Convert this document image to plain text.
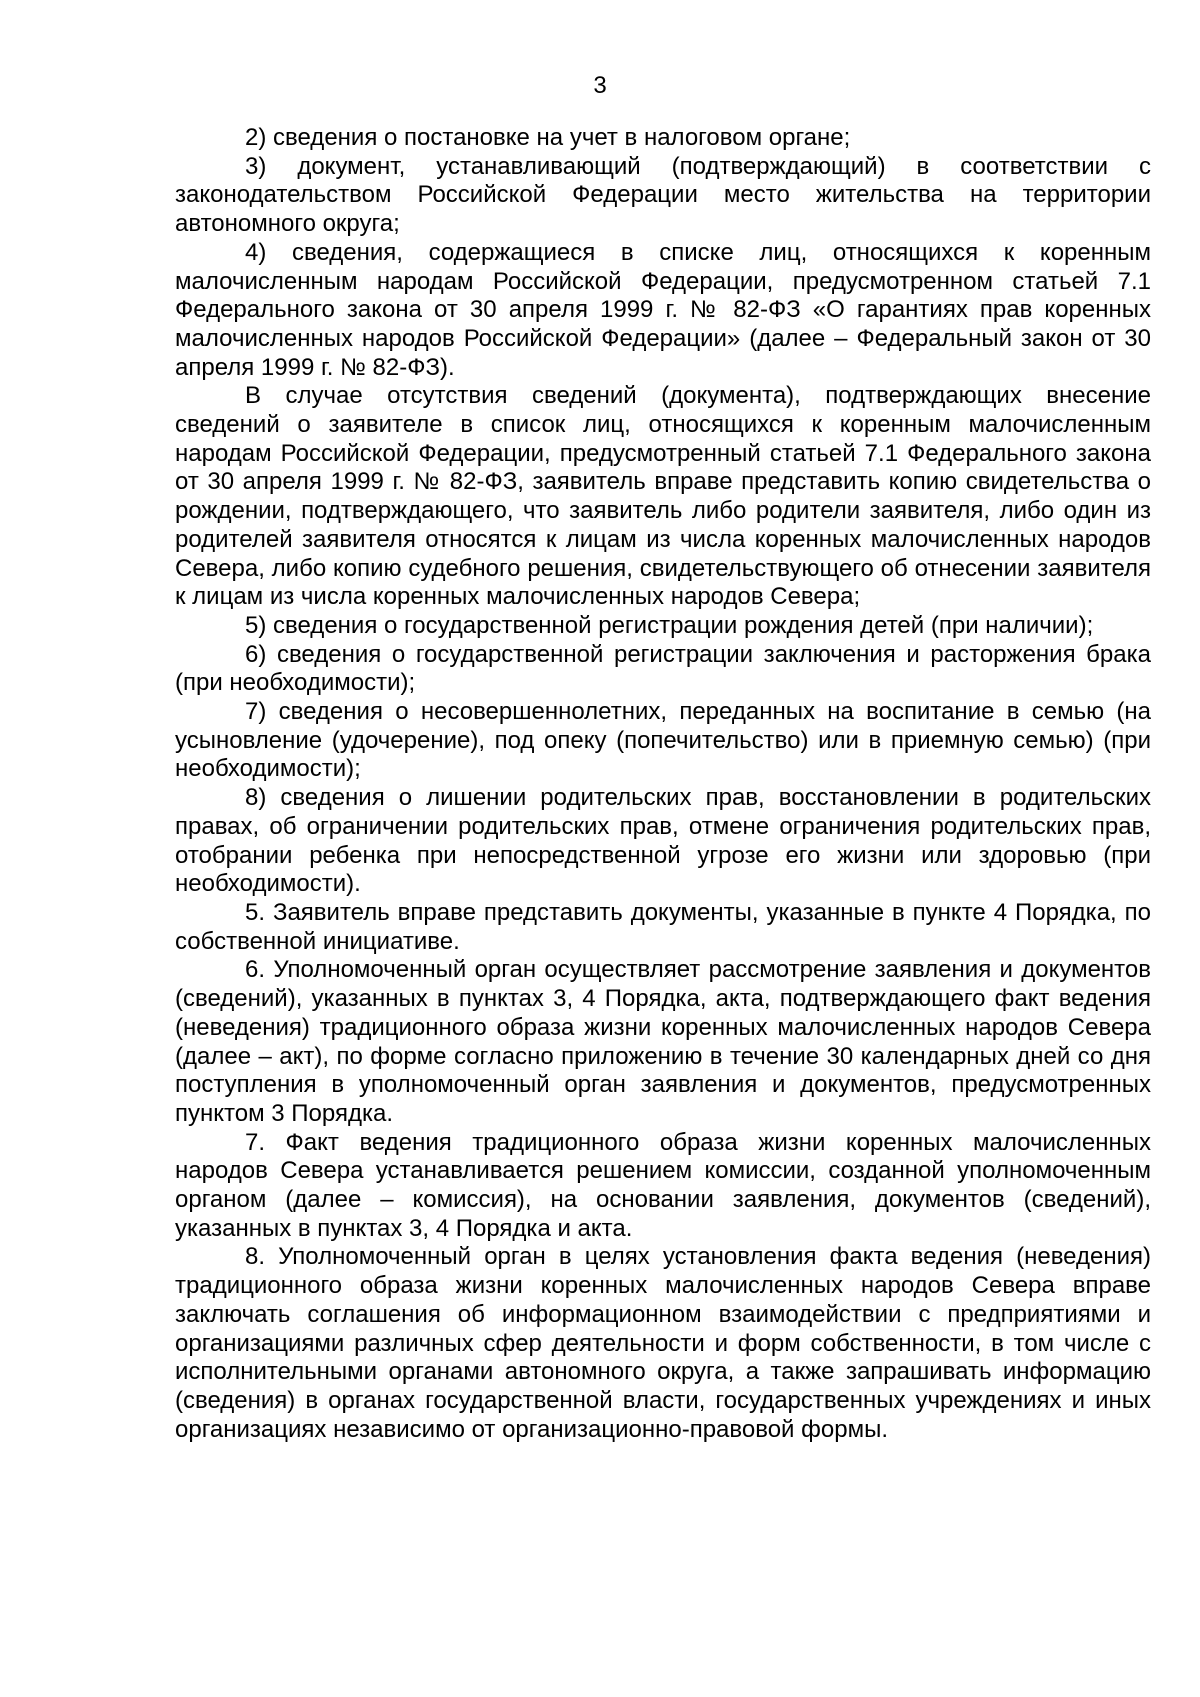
3

2) сведения о постановке на учет в налоговом органе;

3) документ, устанавливающий (подтверждающий) в соответствии с законодательством Российской Федерации место жительства на территории автономного округа;

4) сведения, содержащиеся в списке лиц, относящихся к коренным малочисленным народам Российской Федерации, предусмотренном статьей 7.1 Федерального закона от 30 апреля 1999 г. № 82-ФЗ «О гарантиях прав коренных малочисленных народов Российской Федерации» (далее – Федеральный закон от 30 апреля 1999 г. № 82-ФЗ).

В случае отсутствия сведений (документа), подтверждающих внесение сведений о заявителе в список лиц, относящихся к коренным малочисленным народам Российской Федерации, предусмотренный статьей 7.1 Федерального закона от 30 апреля 1999 г. № 82-ФЗ, заявитель вправе представить копию свидетельства о рождении, подтверждающего, что заявитель либо родители заявителя, либо один из родителей заявителя относятся к лицам из числа коренных малочисленных народов Севера, либо копию судебного решения, свидетельствующего об отнесении заявителя к лицам из числа коренных малочисленных народов Севера;

5) сведения о государственной регистрации рождения детей (при наличии);

6) сведения о государственной регистрации заключения и расторжения брака (при необходимости);

7) сведения о несовершеннолетних, переданных на воспитание в семью (на усыновление (удочерение), под опеку (попечительство) или в приемную семью) (при необходимости);

8) сведения о лишении родительских прав, восстановлении в родительских правах, об ограничении родительских прав, отмене ограничения родительских прав, отобрании ребенка при непосредственной угрозе его жизни или здоровью (при необходимости).

5. Заявитель вправе представить документы, указанные в пункте 4 Порядка, по собственной инициативе.

6. Уполномоченный орган осуществляет рассмотрение заявления и документов (сведений), указанных в пунктах 3, 4 Порядка, акта, подтверждающего факт ведения (неведения) традиционного образа жизни коренных малочисленных народов Севера (далее – акт), по форме согласно приложению в течение 30 календарных дней со дня поступления в уполномоченный орган заявления и документов, предусмотренных пунктом 3 Порядка.

7. Факт ведения традиционного образа жизни коренных малочисленных народов Севера устанавливается решением комиссии, созданной уполномоченным органом (далее – комиссия), на основании заявления, документов (сведений), указанных в пунктах 3, 4 Порядка и акта.

8. Уполномоченный орган в целях установления факта ведения (неведения) традиционного образа жизни коренных малочисленных народов Севера вправе заключать соглашения об информационном взаимодействии с предприятиями и организациями различных сфер деятельности и форм собственности, в том числе с исполнительными органами автономного округа, а также запрашивать информацию (сведения) в органах государственной власти, государственных учреждениях и иных организациях независимо от организационно-правовой формы.
